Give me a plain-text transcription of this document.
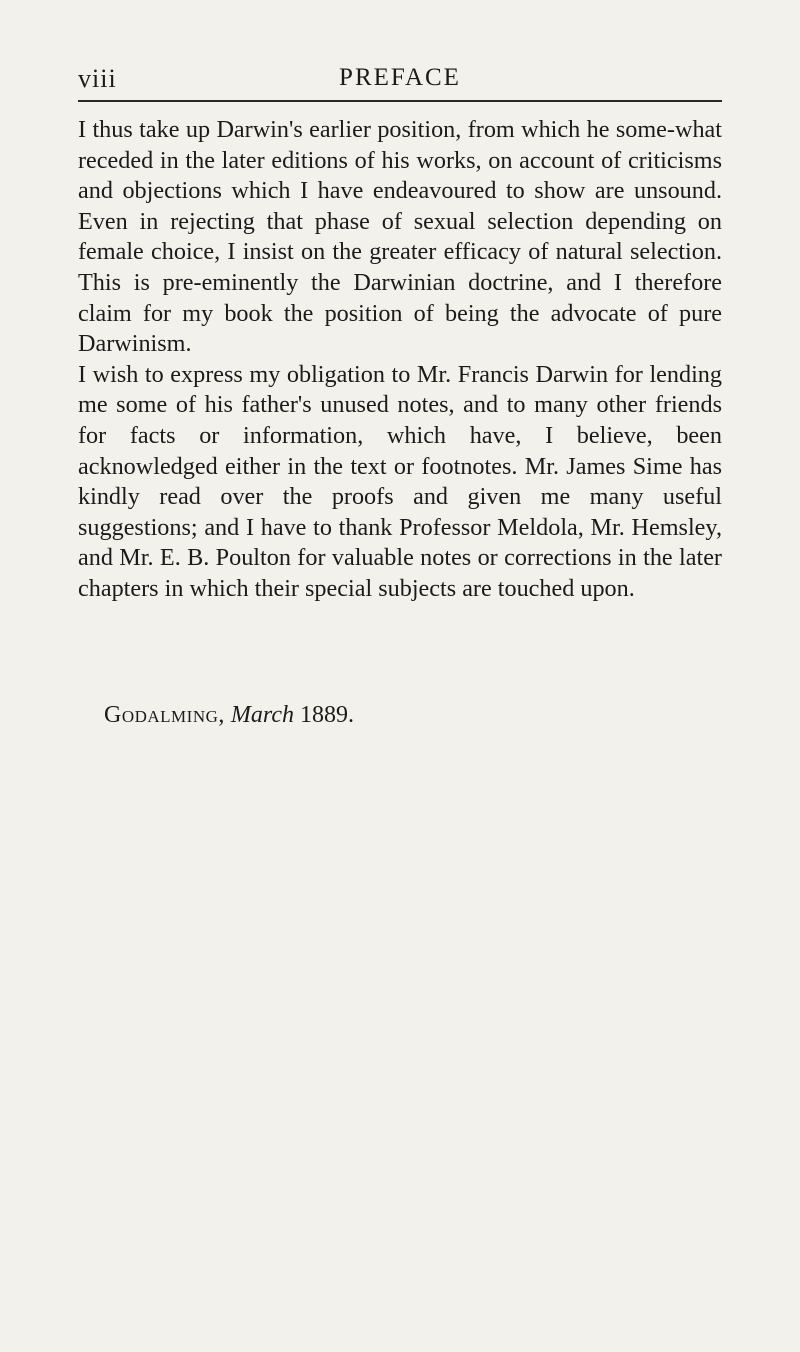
viii	PREFACE

I thus take up Darwin's earlier position, from which he some-what receded in the later editions of his works, on account of criticisms and objections which I have endeavoured to show are unsound. Even in rejecting that phase of sexual selection depending on female choice, I insist on the greater efficacy of natural selection. This is pre-eminently the Darwinian doctrine, and I therefore claim for my book the position of being the advocate of pure Darwinism.

I wish to express my obligation to Mr. Francis Darwin for lending me some of his father's unused notes, and to many other friends for facts or information, which have, I believe, been acknowledged either in the text or footnotes. Mr. James Sime has kindly read over the proofs and given me many useful suggestions; and I have to thank Professor Meldola, Mr. Hemsley, and Mr. E. B. Poulton for valuable notes or corrections in the later chapters in which their special subjects are touched upon.

Godalming, March 1889.
